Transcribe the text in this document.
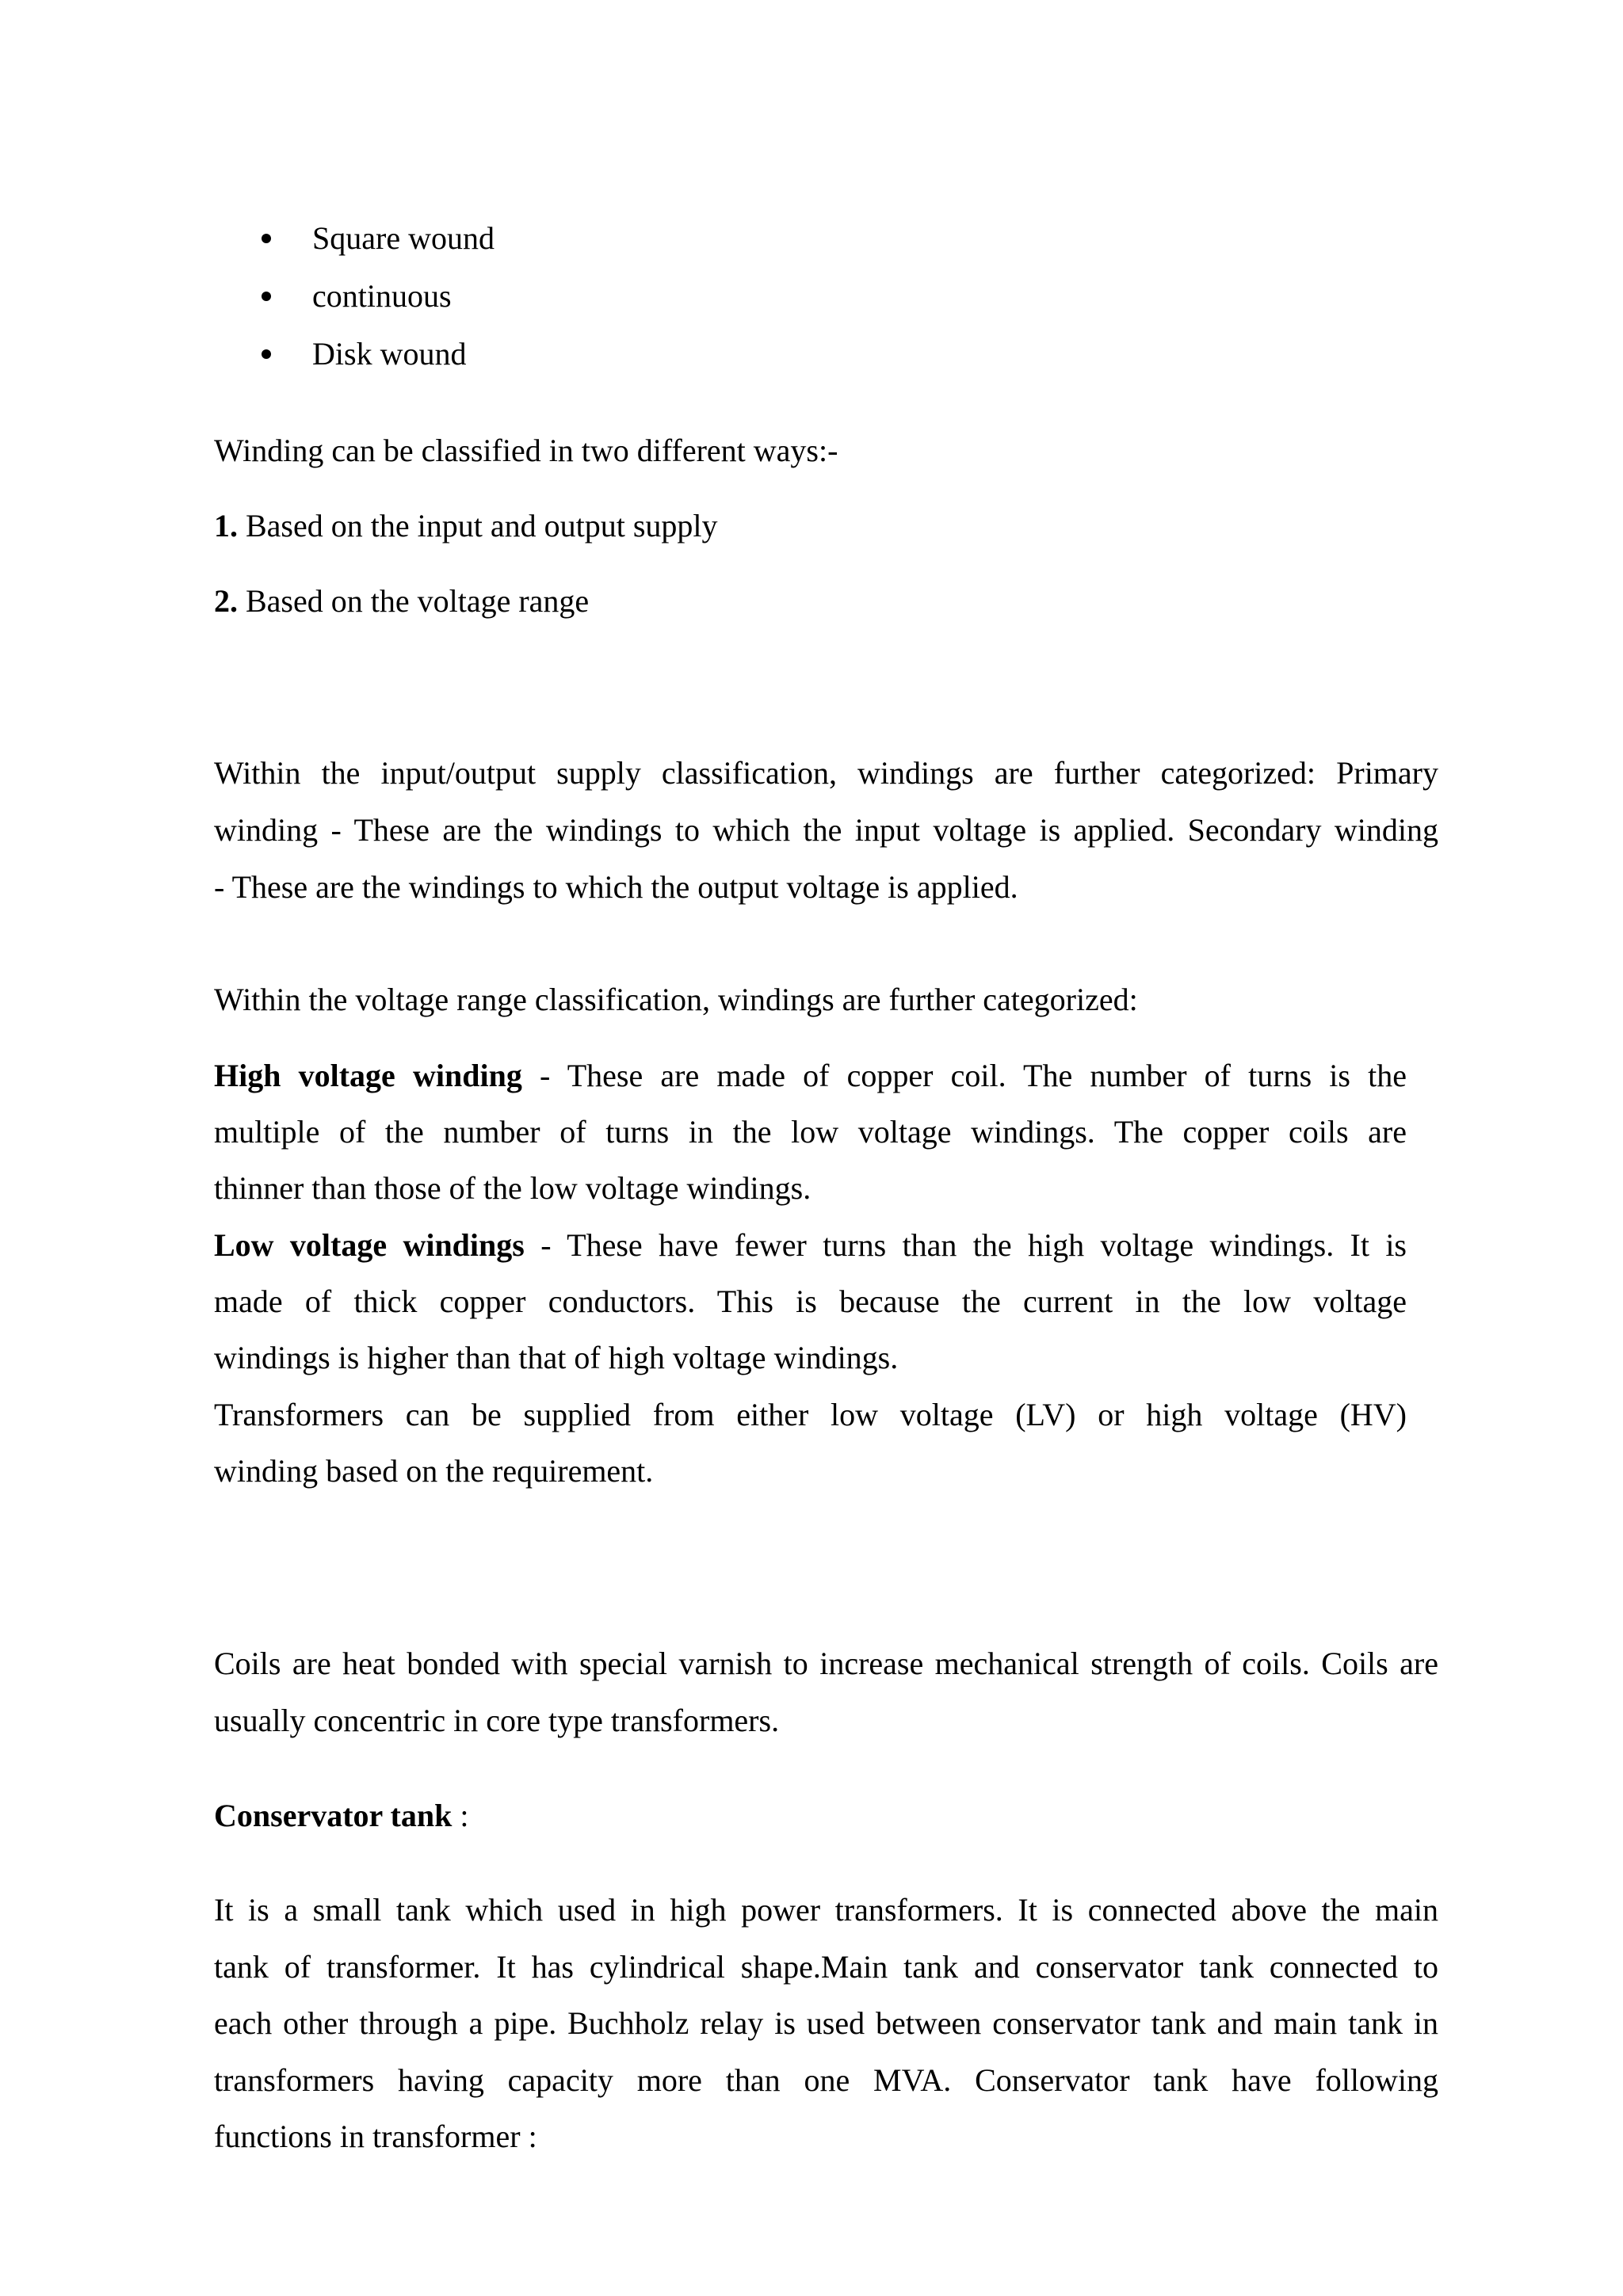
Square wound
continuous
Disk wound
Winding can be classified in two different ways:-
1. Based on the input and output supply
2. Based on the voltage range
Within the input/output supply classification, windings are further categorized: Primary
winding - These are the windings to which the input voltage is applied. Secondary winding
- These are the windings to which the output voltage is applied.
Within the voltage range classification, windings are further categorized:
High voltage winding - These are made of copper coil. The number of turns is the
multiple of the number of turns in the low voltage windings. The copper coils are
thinner than those of the low voltage windings.
Low voltage windings - These have fewer turns than the high voltage windings. It is
made of thick copper conductors. This is because the current in the low voltage
windings is higher than that of high voltage windings.
Transformers can be supplied from either low voltage (LV) or high voltage (HV)
winding based on the requirement.
Coils are heat bonded with special varnish to increase mechanical strength of coils. Coils are
usually concentric in core type transformers.
Conservator tank :
It is a small tank which used in high power transformers. It is connected above the main
tank of transformer. It has cylindrical shape.Main tank and conservator tank connected to
each other through a pipe. Buchholz relay is used between conservator tank and main tank in
transformers having capacity more than one MVA. Conservator tank have following
functions in transformer :
